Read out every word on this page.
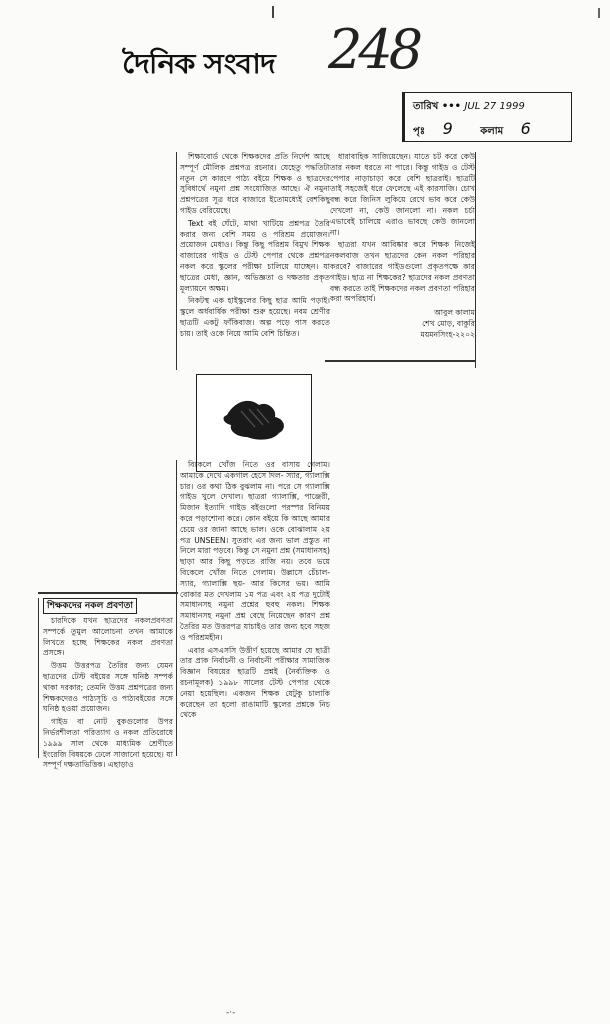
দৈনিক সংবাদ 248
তারিখ ••• JUL 27 1999
পৃঃ 9	কলাম 6

শিক্ষাবোর্ড থেকে শিক্ষকদের প্রতি নির্দেশ আছে সম্পূর্ণ মৌলিক প্রশ্নপত্র রচনার। যেহেতু পদ্ধতিটা নতুন সে কারণে পাঠ্য বইয়ে শিক্ষক ও ছাত্রদের সুবিধার্থে নমুনা প্রশ্ন সংযোজিত আছে। ঐ নমুনা প্রশ্নপত্রের সূত্র ধরে বাজারে ইতোমধ্যেই বেশকিছু গাইড বেরিয়েছে।

Text বই ঘেঁটে, মাথা খাটিয়ে প্রশ্নপত্র তৈরি করার জন্য বেশি সময় ও পরিশ্রম প্রয়োজন। প্রয়োজন মেধাও। কিন্তু কিছু পরিশ্রম বিমুখ শিক্ষক বাজারের গাইড ও টেস্ট পেপার থেকে প্রশ্নপত্র নকল করে স্কুলের পরীক্ষা চালিয়ে যাচ্ছেন। যা ছাত্রের মেধা, জ্ঞান, অভিজ্ঞতা ও দক্ষতার প্রকৃত মূল্যায়নে অক্ষম।

নিকটস্থ এক হাইস্কুলের কিছু ছাত্র আমি পড়াই। স্কুলে অর্ধবার্ষিক পরীক্ষা শুরু হয়েছে। নবম শ্রেণীর ছাত্রটি একটু ফাঁকিবাজ। অল্প পড়ে পাস করতে চায়। তাই ওকে নিয়ে আমি বেশি চিন্তিত।

ধারাবাহিক সাজিয়েছেন। যাতে চট করে কেউ তার নকল ধরতে না পারে। কিন্তু গাইড ও টেস্ট পেপার নাড়াচাড়া করে বেশি ছাত্ররাই। ছাত্রটি তাই সহজেই ধরে ফেলেছে এই কারসাজি। চোখ বন্ধ করে জিনিস লুকিয়ে রেখে ভাব করে কেউ দেখলো না, কেউ জানলো না। নকল চর্চা এভাবেই চালিয়ে এরাও ভাবছে কেউ জানলো না।

ছাত্ররা যখন আবিষ্কার করে শিক্ষক নিজেই নকলবাজ তখন ছাত্রদের কেন নকল পরিহার করবে? বাজারের গাইডগুলো প্রকৃতপক্ষে কার গাইড। ছাত্র না শিক্ষকের? ছাত্রদের নকল প্রবণতা বন্ধ করতে তাই শিক্ষকদের নকল প্রবণতা পরিহার করা অপরিহার্য।

আবুল কালাম
শেখ মোড়, বাকুরি
ময়মনসিংহ-২২০২

বিকেলে খোঁজ নিতে ওর বাসায় গেলাম। আমাকে দেখে একগাল হেসে দিল- স্যার, গ্যালাক্সি চার। ওর কথা ঠিক বুঝলাম না। পরে সে গ্যালাক্সি গাইড খুলে দেখাল। ছাত্ররা গ্যালাক্সি, পাঞ্জেরী, মিজান ইত্যাদি গাইড বইগুলো পরস্পর বিনিময় করে পড়াশোনা করে। কোন বইয়ে কি আছে আমার চেয়ে ওর জানা আছে ভাল। ওকে বোঝালাম ২য় পত্র UNSEEN। সুতরাং এর জন্য ভাল প্রস্তুত না নিলে মারা পড়বে। কিন্তু সে নমুনা প্রশ্ন (সমাধানসহ) ছাড়া আর কিছু পড়তে রাজি নয়। তবে ভয়ে বিকেলে খোঁজ নিতে গেলাম। উল্লাসে চেঁচাল- স্যার, গ্যালাক্সি ছয়- আর কিসের ভয়। আমি বোকার মত দেখলাম ১ম পত্র এবং ২য় পত্র দুটোই সমাধানসহ নমুনা প্রশ্নের হুবহু নকল। শিক্ষক সমাধানসহ নমুনা প্রশ্ন বেছে নিয়েছেন কারণ প্রশ্ন তৈরির মত উত্তরপত্র যাচাইও তার জন্য হবে সহজ ও পরিশ্রমহীন।

এবার এসএসসি উত্তীর্ণ হয়েছে আমার যে ছাত্রী তার প্রাক নির্বাচনী ও নির্বাচনী পরীক্ষার সামাজিক বিজ্ঞান বিষয়ের ছাত্রটি প্রশ্নই (নৈর্ব্যক্তিক ও রচনামূলক) ১৯৯৮ সালের টেস্ট পেপার থেকে নেয়া হয়েছিল। একজন শিক্ষক যেটুকু চালাকি করেছেন তা হলো রাঙামাটি স্কুলের প্রশ্নকে নিচ থেকে

শিক্ষকদের নকল প্রবণতা

চারদিকে যখন ছাত্রদের নকলপ্রবণতা সম্পর্কে তুমুল আলোচনা তখন আমাকে লিখতে হচ্ছে শিক্ষকের নকল প্রবণতা প্রসঙ্গে।

উত্তম উত্তরপত্র তৈরির জন্য যেমন ছাত্রদের টেস্ট বইয়ের সঙ্গে ঘনিষ্ঠ সম্পর্ক থাকা দরকার; তেমনি উত্তম প্রশ্নপত্রের জন্য শিক্ষকদেরও পাঠ্যসূচি ও পাঠ্যবইয়ের সঙ্গে ঘনিষ্ঠ হওয়া প্রয়োজন।

গাইড বা নোট বুকগুলোর উপর নির্ভরশীলতা পরিত্যাগ ও নকল প্রতিরোধে ১৯৯৯ সাল থেকে মাধ্যমিক শ্রেণীতে ইংরেজি বিষয়কে ঢেলে সাজানো হয়েছে। যা সম্পূর্ণ দক্ষতাভিত্তিক। এছাড়াও

-·-
